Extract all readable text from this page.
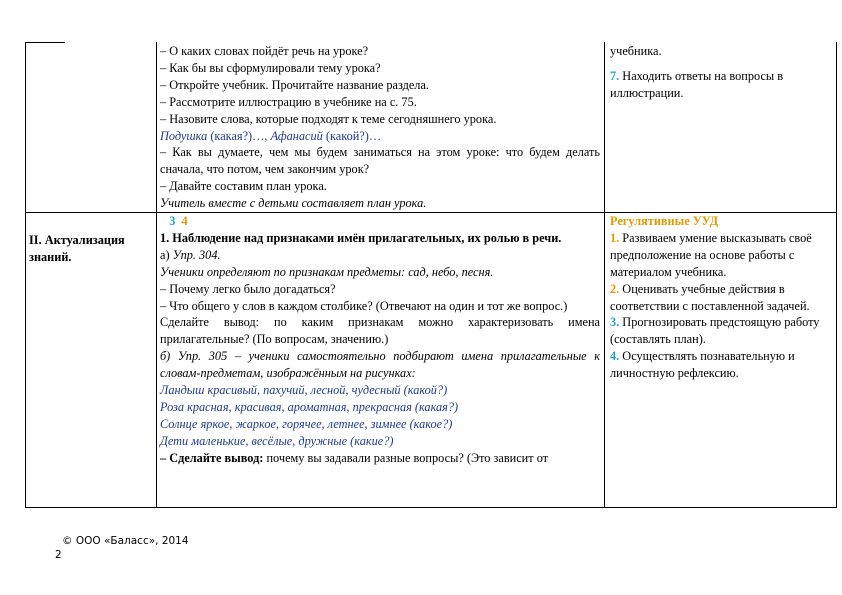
– О каких словах пойдёт речь на уроке?

– Как бы вы сформулировали тему урока?

– Откройте учебник. Прочитайте название раздела.

– Рассмотрите иллюстрацию в учебнике на с. 75.

– Назовите слова, которые подходят к теме сегодняшнего урока.

Подушка (какая?)…, Афанасий (какой?)…

– Как вы думаете, чем мы будем заниматься на этом уроке: что будем делать сначала, что потом, чем закончим урок?

– Давайте составим план урока.

Учитель вместе с детьми составляет план урока.

учебника.

7. Находить ответы на вопросы в иллюстрации.

II. Актуализация знаний.

3 4

1. Наблюдение над признаками имён прилагательных, их ролью в речи.

а) Упр. 304.

Ученики определяют по признакам предметы: сад, небо, песня.

– Почему легко было догадаться?

– Что общего у слов в каждом столбике? (Отвечают на один и тот же вопрос.)

Сделайте вывод: по каким признакам можно характеризовать имена прилагательные? (По вопросам, значению.)

б) Упр. 305 – ученики самостоятельно подбирают имена прилагательные к словам-предметам, изображённым на рисунках:

Ландыш красивый, пахучий, лесной, чудесный (какой?)

Роза красная, красивая, ароматная, прекрасная (какая?)

Солнце яркое, жаркое, горячее, летнее, зимнее (какое?)

Дети маленькие, весёлые, дружные (какие?)

– Сделайте вывод: почему вы задавали разные вопросы? (Это зависит от

Регулятивные УУД

1. Развиваем умение высказывать своё предположение на основе работы с материалом учебника.

2. Оценивать учебные действия в соответствии с поставленной задачей.

3. Прогнозировать предстоящую работу (составлять план).

4. Осуществлять познавательную и личностную рефлексию.

© ООО «Баласс», 2014
2
